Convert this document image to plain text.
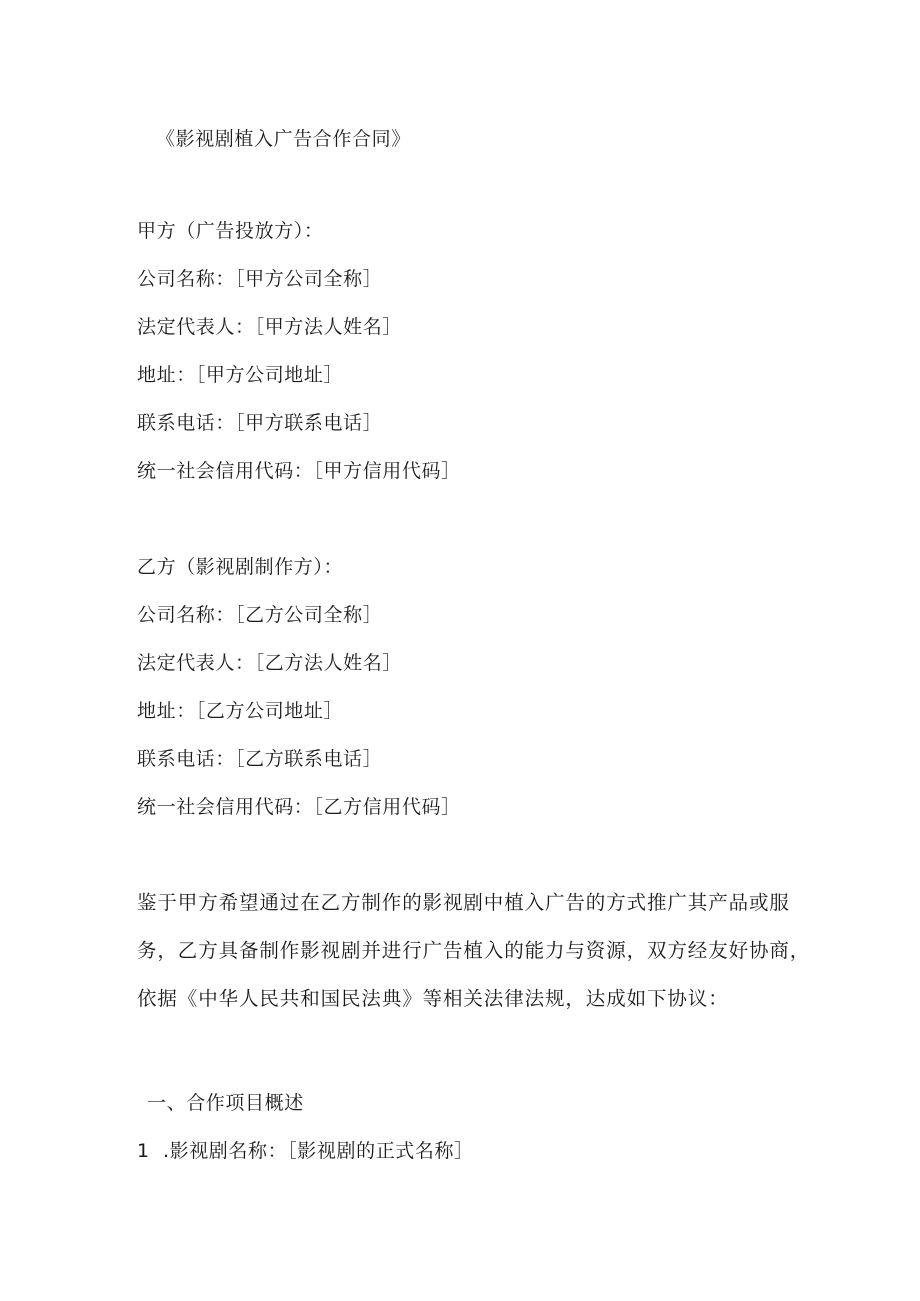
《影视剧植入广告合作合同》
甲方（广告投放方）：
公司名称：［甲方公司全称］
法定代表人：［甲方法人姓名］
地址：［甲方公司地址］
联系电话：［甲方联系电话］
统一社会信用代码：［甲方信用代码］
乙方（影视剧制作方）：
公司名称：［乙方公司全称］
法定代表人：［乙方法人姓名］
地址：［乙方公司地址］
联系电话：［乙方联系电话］
统一社会信用代码：［乙方信用代码］
鉴于甲方希望通过在乙方制作的影视剧中植入广告的方式推广其产品或服
务，乙方具备制作影视剧并进行广告植入的能力与资源，双方经友好协商，
依据《中华人民共和国民法典》等相关法律法规，达成如下协议：
一、合作项目概述
1  .影视剧名称：［影视剧的正式名称］
